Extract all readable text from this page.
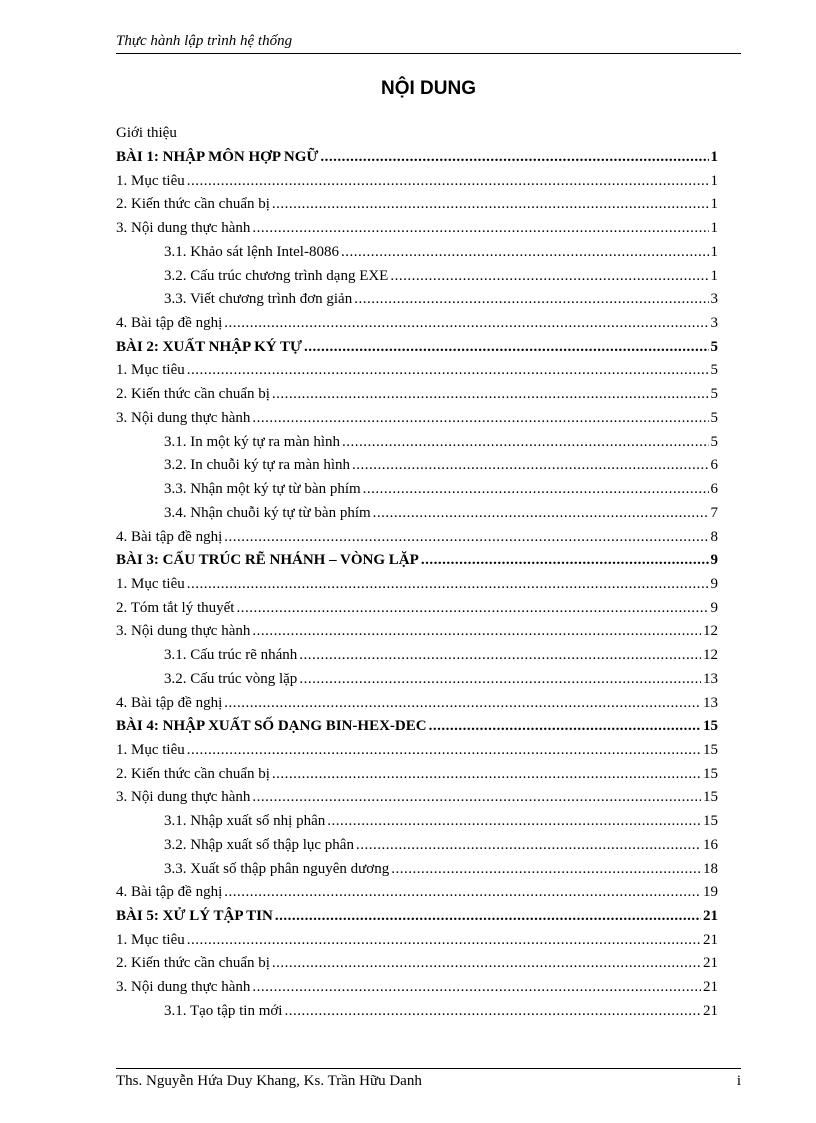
Thực hành lập trình hệ thống
NỘI DUNG
Giới thiệu
BÀI 1: NHẬP MÔN HỢP NGỮ .....	1
1. Mục tiêu .....	1
2. Kiến thức cần chuẩn bị .....	1
3. Nội dung thực hành .....	1
3.1. Khảo sát lệnh Intel-8086 .....	1
3.2. Cấu trúc chương trình dạng EXE .....	1
3.3. Viết chương trình đơn giản .....	3
4. Bài tập đề nghị .....	3
BÀI 2: XUẤT NHẬP KÝ TỰ .....	5
1. Mục tiêu .....	5
2. Kiến thức cần chuẩn bị .....	5
3. Nội dung thực hành .....	5
3.1. In một ký tự ra màn hình .....	5
3.2. In chuỗi ký tự ra màn hình .....	6
3.3. Nhận một ký tự từ bàn phím .....	6
3.4. Nhận chuỗi ký tự từ bàn phím .....	7
4. Bài tập đề nghị .....	8
BÀI 3: CẤU TRÚC RẼ NHÁNH – VÒNG LẶP .....	9
1. Mục tiêu .....	9
2. Tóm tắt lý thuyết .....	9
3. Nội dung thực hành .....	12
3.1. Cấu trúc rẽ nhánh .....	12
3.2. Cấu trúc vòng lặp .....	13
4. Bài tập đề nghị .....	13
BÀI 4: NHẬP XUẤT SỐ DẠNG BIN-HEX-DEC .....	15
1. Mục tiêu .....	15
2. Kiến thức cần chuẩn bị .....	15
3. Nội dung thực hành .....	15
3.1. Nhập xuất số nhị phân .....	15
3.2. Nhập xuất số thập lục phân .....	16
3.3. Xuất số thập phân nguyên dương .....	18
4. Bài tập đề nghị .....	19
BÀI 5: XỬ LÝ TẬP TIN .....	21
1. Mục tiêu .....	21
2. Kiến thức cần chuẩn bị .....	21
3. Nội dung thực hành .....	21
3.1. Tạo tập tin mới .....	21
Ths. Nguyễn Hứa Duy Khang, Ks. Trần Hữu Danh	i
